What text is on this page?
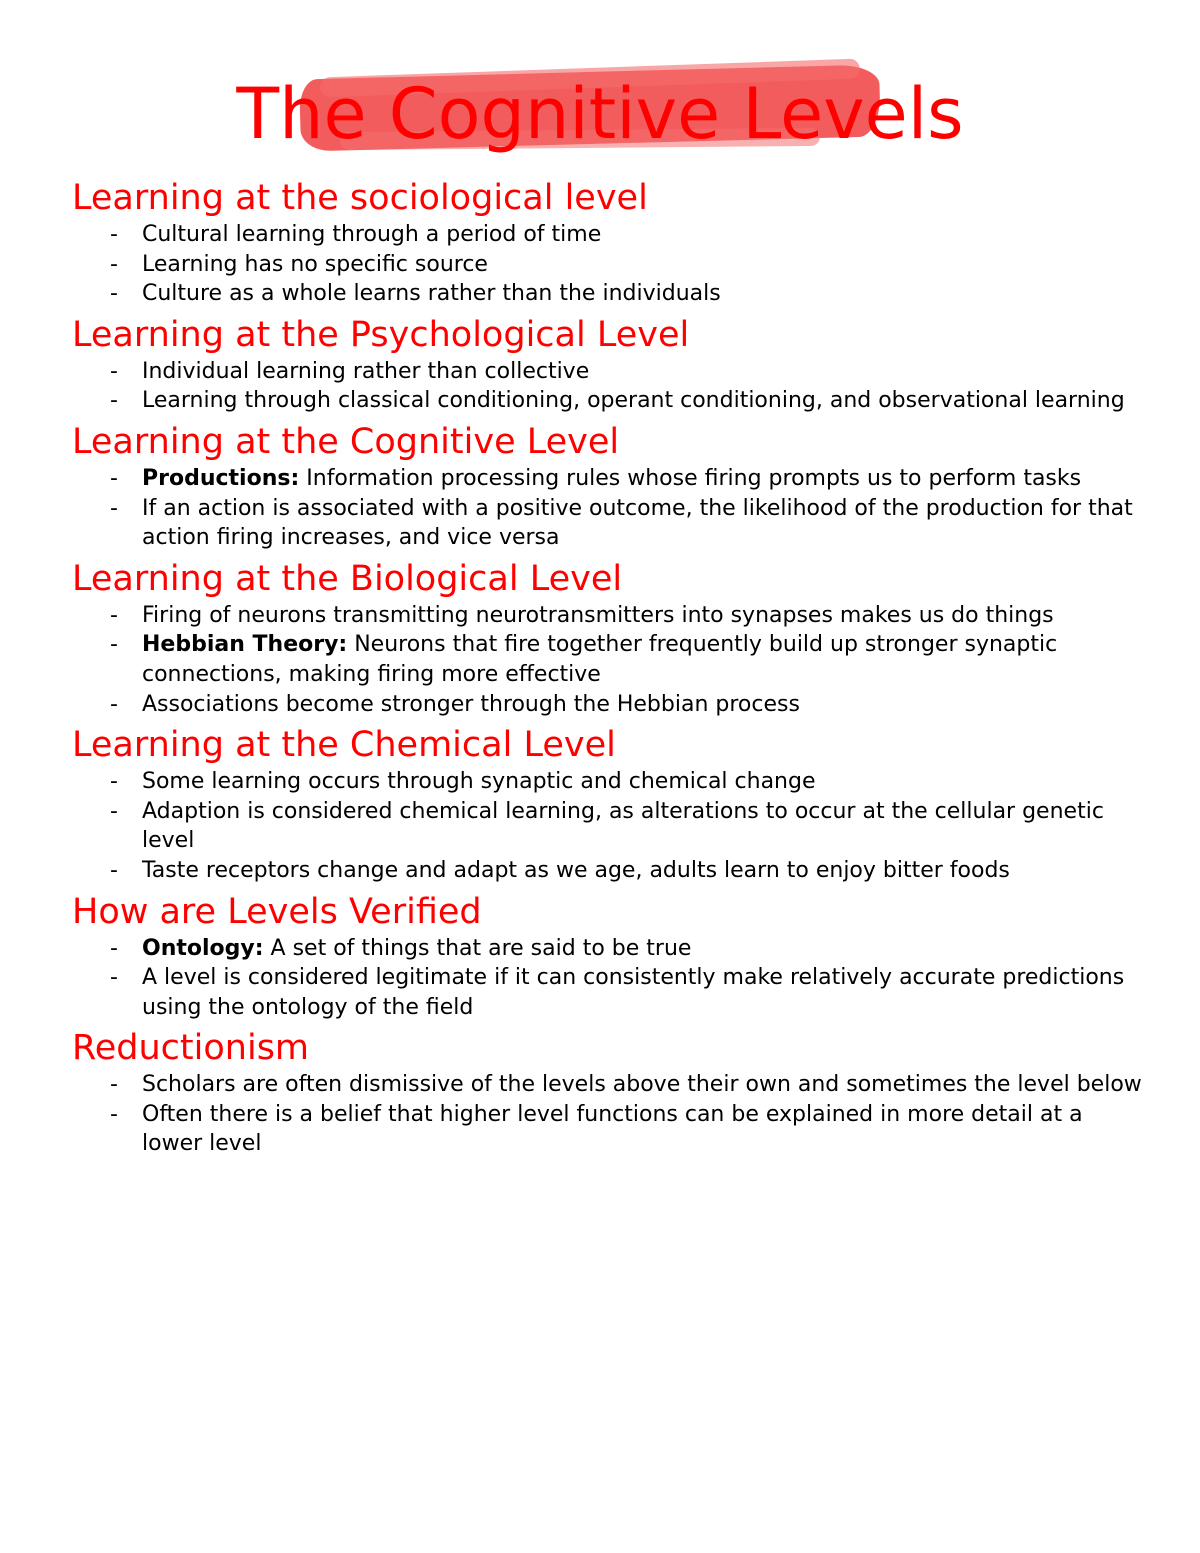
The Cognitive Levels
Learning at the sociological level
- Cultural learning through a period of time
- Learning has no specific source
- Culture as a whole learns rather than the individuals
Learning at the Psychological Level
- Individual learning rather than collective
- Learning through classical conditioning, operant conditioning, and observational learning
Learning at the Cognitive Level
- Productions: Information processing rules whose firing prompts us to perform tasks
- If an action is associated with a positive outcome, the likelihood of the production for that action firing increases, and vice versa
Learning at the Biological Level
- Firing of neurons transmitting neurotransmitters into synapses makes us do things
- Hebbian Theory: Neurons that fire together frequently build up stronger synaptic connections, making firing more effective
- Associations become stronger through the Hebbian process
Learning at the Chemical Level
- Some learning occurs through synaptic and chemical change
- Adaption is considered chemical learning, as alterations to occur at the cellular genetic level
- Taste receptors change and adapt as we age, adults learn to enjoy bitter foods
How are Levels Verified
- Ontology: A set of things that are said to be true
- A level is considered legitimate if it can consistently make relatively accurate predictions using the ontology of the field
Reductionism
- Scholars are often dismissive of the levels above their own and sometimes the level below
- Often there is a belief that higher level functions can be explained in more detail at a lower level
